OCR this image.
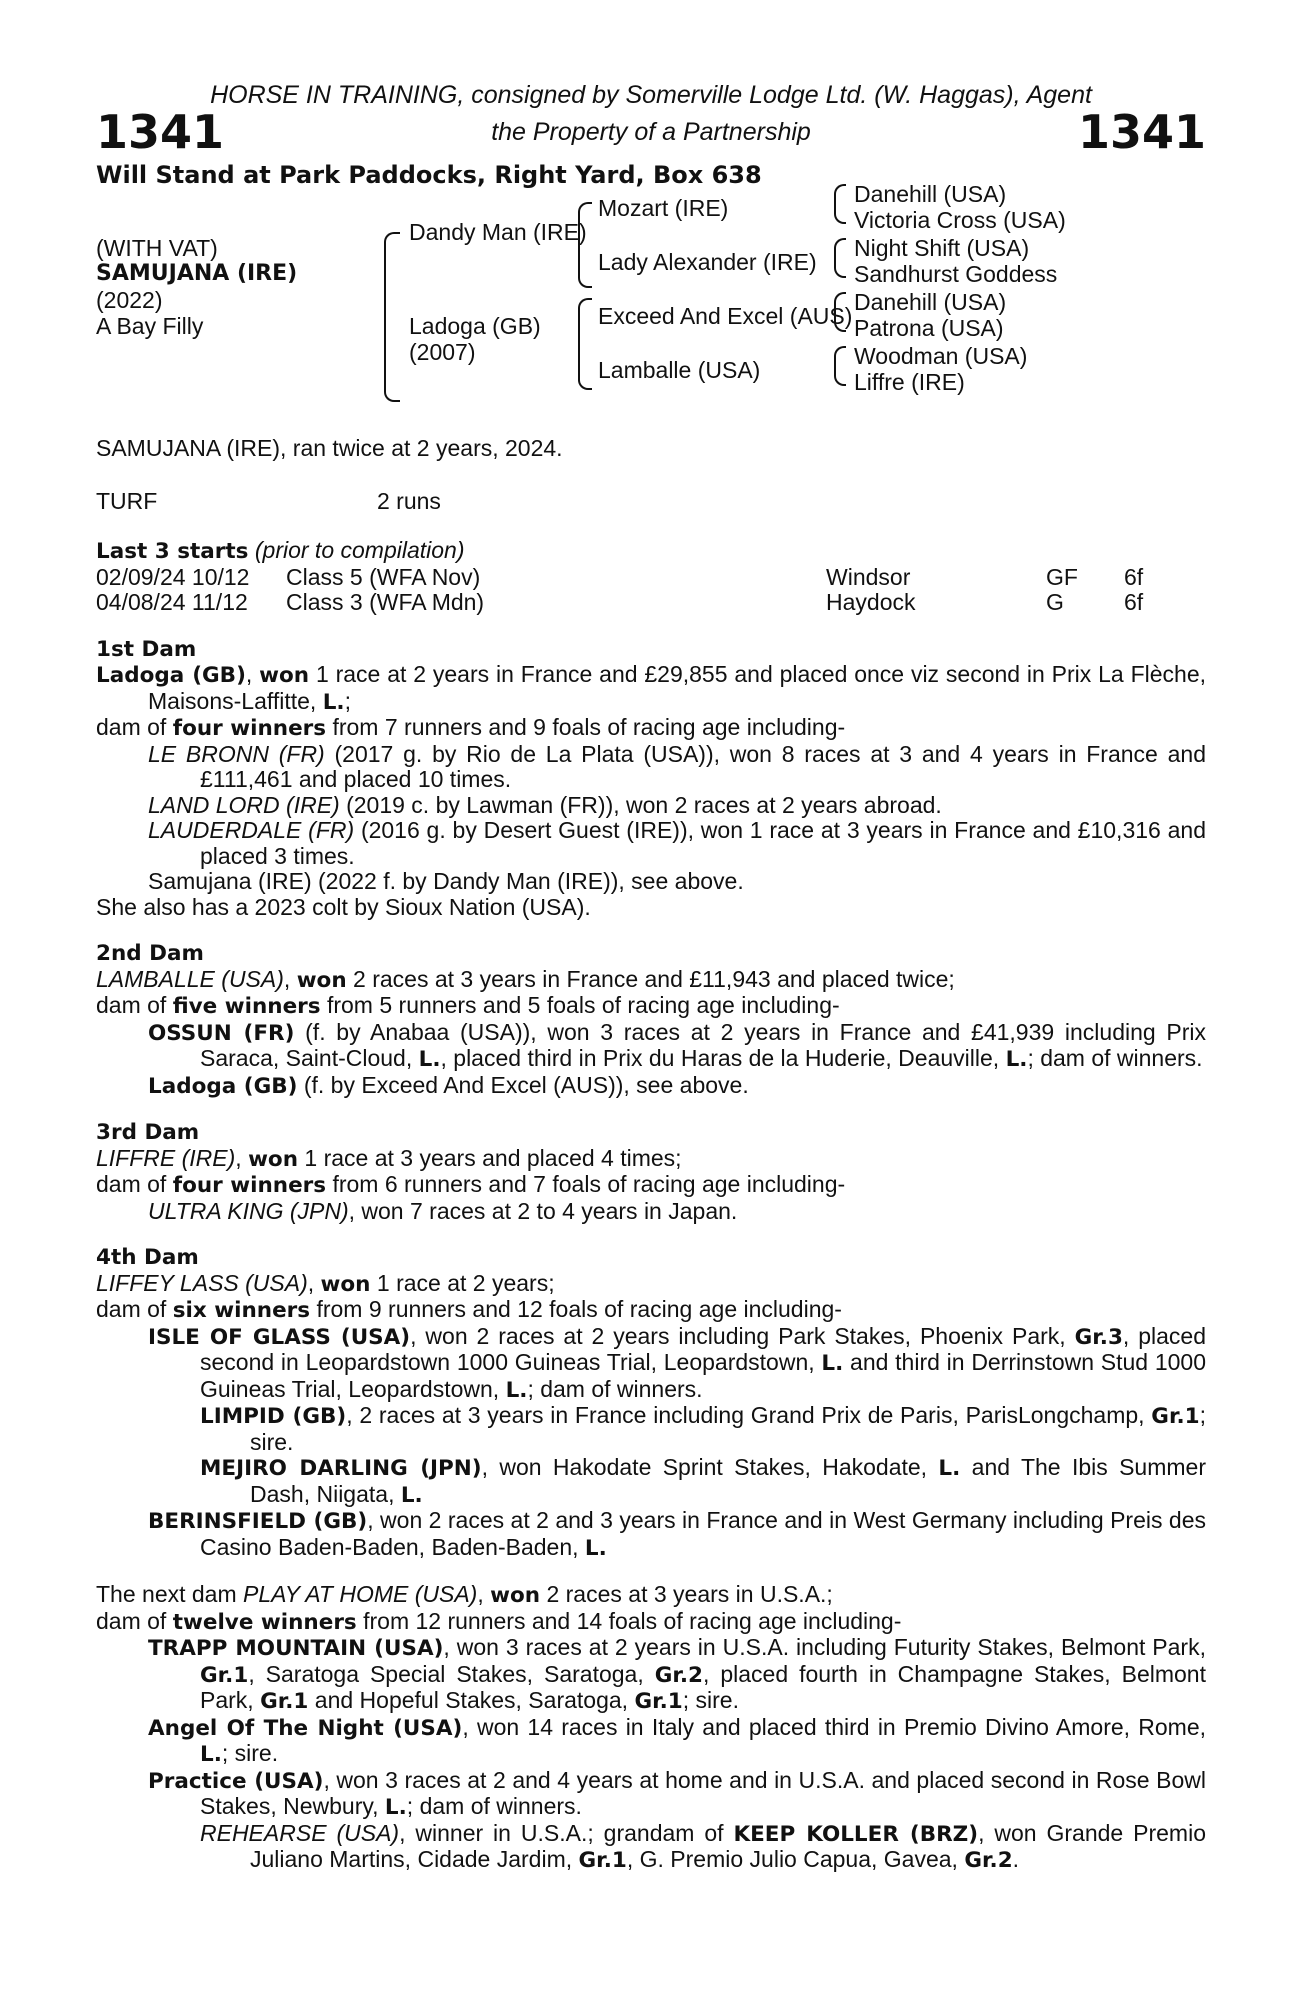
HORSE IN TRAINING, consigned by Somerville Lodge Ltd. (W. Haggas), Agent
1341	the Property of a Partnership	1341
Will Stand at Park Paddocks, Right Yard, Box 638
(WITH VAT)
SAMUJANA (IRE)
(2022)
A Bay Filly
Dandy Man (IRE)
Ladoga (GB)
(2007)
Mozart (IRE)
Lady Alexander (IRE)
Exceed And Excel (AUS)
Lamballe (USA)
Danehill (USA)
Victoria Cross (USA)
Night Shift (USA)
Sandhurst Goddess
Danehill (USA)
Patrona (USA)
Woodman (USA)
Liffre (IRE)

SAMUJANA (IRE), ran twice at 2 years, 2024.

TURF	2 runs

Last 3 starts (prior to compilation)

02/09/24 10/12	Class 5 (WFA Nov)	Windsor	GF	6f
04/08/24 11/12	Class 3 (WFA Mdn)	Haydock	G	6f

1st Dam

Ladoga (GB), won 1 race at 2 years in France and £29,855 and placed once viz second in Prix La Flèche, Maisons-Laffitte, L.;

dam of four winners from 7 runners and 9 foals of racing age including-

LE BRONN (FR) (2017 g. by Rio de La Plata (USA)), won 8 races at 3 and 4 years in France and £111,461 and placed 10 times.

LAND LORD (IRE) (2019 c. by Lawman (FR)), won 2 races at 2 years abroad.

LAUDERDALE (FR) (2016 g. by Desert Guest (IRE)), won 1 race at 3 years in France and £10,316 and placed 3 times.

Samujana (IRE) (2022 f. by Dandy Man (IRE)), see above.

She also has a 2023 colt by Sioux Nation (USA).

2nd Dam

LAMBALLE (USA), won 2 races at 3 years in France and £11,943 and placed twice;

dam of five winners from 5 runners and 5 foals of racing age including-

OSSUN (FR) (f. by Anabaa (USA)), won 3 races at 2 years in France and £41,939 including Prix Saraca, Saint-Cloud, L., placed third in Prix du Haras de la Huderie, Deauville, L.; dam of winners.

Ladoga (GB) (f. by Exceed And Excel (AUS)), see above.

3rd Dam

LIFFRE (IRE), won 1 race at 3 years and placed 4 times;

dam of four winners from 6 runners and 7 foals of racing age including-

ULTRA KING (JPN), won 7 races at 2 to 4 years in Japan.

4th Dam

LIFFEY LASS (USA), won 1 race at 2 years;

dam of six winners from 9 runners and 12 foals of racing age including-

ISLE OF GLASS (USA), won 2 races at 2 years including Park Stakes, Phoenix Park, Gr.3, placed second in Leopardstown 1000 Guineas Trial, Leopardstown, L. and third in Derrinstown Stud 1000 Guineas Trial, Leopardstown, L.; dam of winners.

LIMPID (GB), 2 races at 3 years in France including Grand Prix de Paris, ParisLongchamp, Gr.1; sire.

MEJIRO DARLING (JPN), won Hakodate Sprint Stakes, Hakodate, L. and The Ibis Summer Dash, Niigata, L.

BERINSFIELD (GB), won 2 races at 2 and 3 years in France and in West Germany including Preis des Casino Baden-Baden, Baden-Baden, L.

The next dam PLAY AT HOME (USA), won 2 races at 3 years in U.S.A.;

dam of twelve winners from 12 runners and 14 foals of racing age including-

TRAPP MOUNTAIN (USA), won 3 races at 2 years in U.S.A. including Futurity Stakes, Belmont Park, Gr.1, Saratoga Special Stakes, Saratoga, Gr.2, placed fourth in Champagne Stakes, Belmont Park, Gr.1 and Hopeful Stakes, Saratoga, Gr.1; sire.

Angel Of The Night (USA), won 14 races in Italy and placed third in Premio Divino Amore, Rome, L.; sire.

Practice (USA), won 3 races at 2 and 4 years at home and in U.S.A. and placed second in Rose Bowl Stakes, Newbury, L.; dam of winners.

REHEARSE (USA), winner in U.S.A.; grandam of KEEP KOLLER (BRZ), won Grande Premio Juliano Martins, Cidade Jardim, Gr.1, G. Premio Julio Capua, Gavea, Gr.2.
